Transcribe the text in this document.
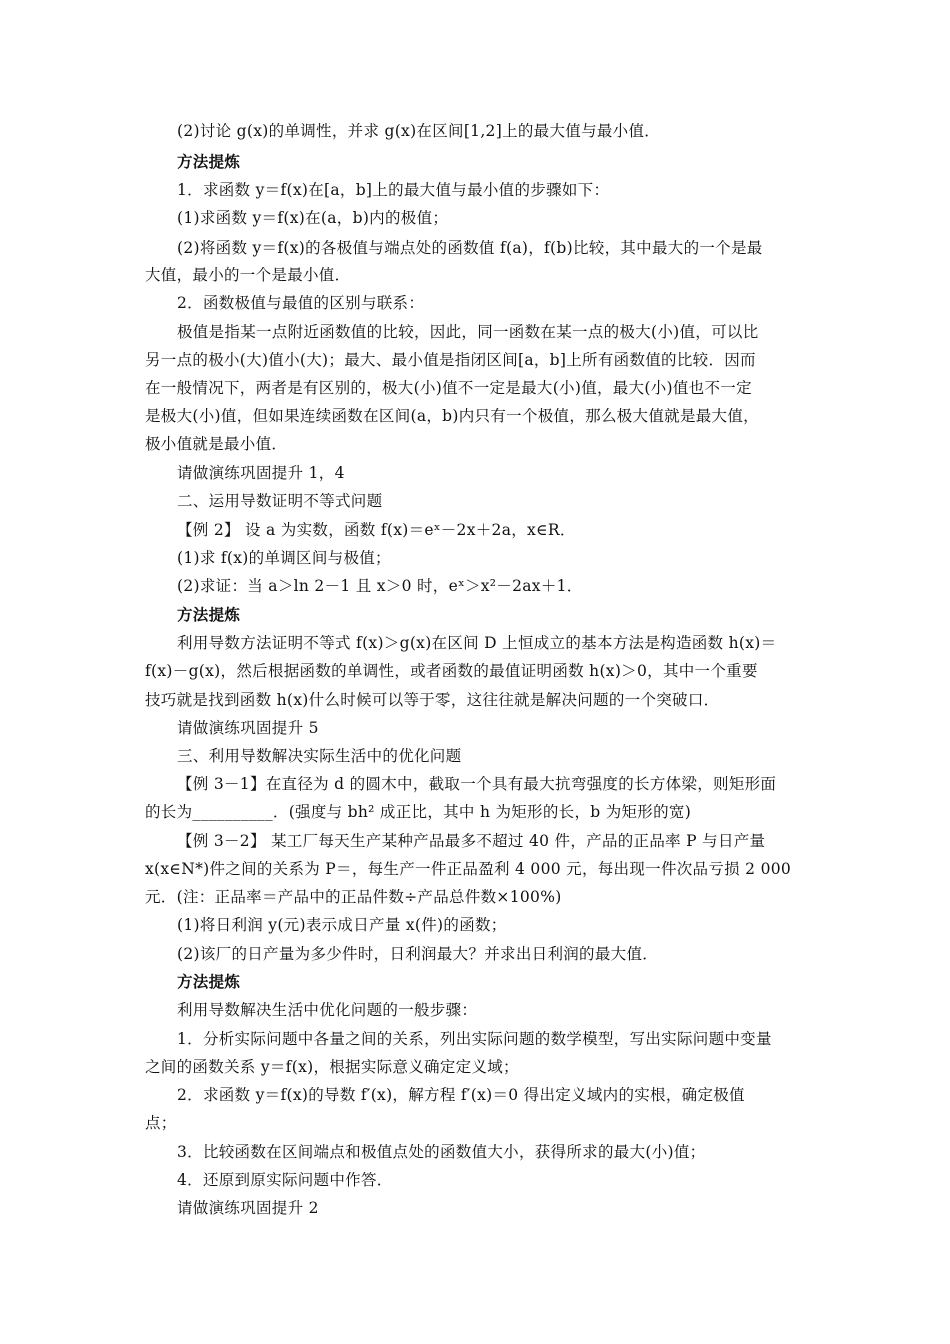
(2)讨论 g(x)的单调性，并求 g(x)在区间[1,2]上的最大值与最小值．
方法提炼
1．求函数 y＝f(x)在[a，b]上的最大值与最小值的步骤如下：
(1)求函数 y＝f(x)在(a，b)内的极值；
(2)将函数 y＝f(x)的各极值与端点处的函数值 f(a)，f(b)比较，其中最大的一个是最
大值，最小的一个是最小值．
2．函数极值与最值的区别与联系：
极值是指某一点附近函数值的比较，因此，同一函数在某一点的极大(小)值，可以比
另一点的极小(大)值小(大)；最大、最小值是指闭区间[a，b]上所有函数值的比较．因而
在一般情况下，两者是有区别的，极大(小)值不一定是最大(小)值，最大(小)值也不一定
是极大(小)值，但如果连续函数在区间(a，b)内只有一个极值，那么极大值就是最大值，
极小值就是最小值．
请做演练巩固提升 1，4
二、运用导数证明不等式问题
【例 2】 设 a 为实数，函数 f(x)＝eˣ－2x＋2a，x∈R．
(1)求 f(x)的单调区间与极值；
(2)求证：当 a＞ln 2－1 且 x＞0 时，eˣ＞x²－2ax＋1．
方法提炼
利用导数方法证明不等式 f(x)＞g(x)在区间 D 上恒成立的基本方法是构造函数 h(x)＝
f(x)－g(x)，然后根据函数的单调性，或者函数的最值证明函数 h(x)＞0，其中一个重要
技巧就是找到函数 h(x)什么时候可以等于零，这往往就是解决问题的一个突破口．
请做演练巩固提升 5
三、利用导数解决实际生活中的优化问题
【例 3－1】在直径为 d 的圆木中，截取一个具有最大抗弯强度的长方体梁，则矩形面
的长为__________．(强度与 bh² 成正比，其中 h 为矩形的长，b 为矩形的宽)
【例 3－2】 某工厂每天生产某种产品最多不超过 40 件，产品的正品率 P 与日产量
x(x∈N*)件之间的关系为 P＝，每生产一件正品盈利 4 000 元，每出现一件次品亏损 2 000
元．(注：正品率＝产品中的正品件数÷产品总件数×100%)
(1)将日利润 y(元)表示成日产量 x(件)的函数；
(2)该厂的日产量为多少件时，日利润最大？并求出日利润的最大值．
方法提炼
利用导数解决生活中优化问题的一般步骤：
1．分析实际问题中各量之间的关系，列出实际问题的数学模型，写出实际问题中变量
之间的函数关系 y＝f(x)，根据实际意义确定定义域；
2．求函数 y＝f(x)的导数 f′(x)，解方程 f′(x)＝0 得出定义域内的实根，确定极值
点；
3．比较函数在区间端点和极值点处的函数值大小，获得所求的最大(小)值；
4．还原到原实际问题中作答．
请做演练巩固提升 2
